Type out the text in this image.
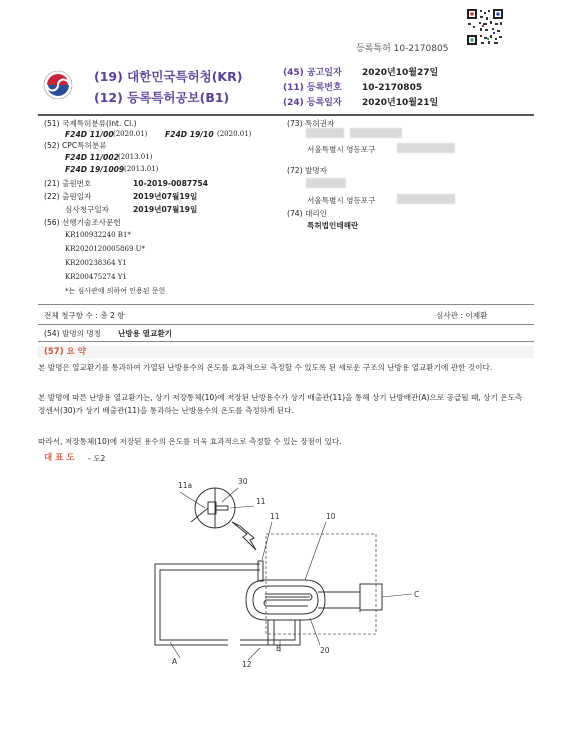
등록특허 10-2170805
(19) 대한민국특허청(KR)
(12) 등록특허공보(B1)
(45) 공고일자 2020년10월27일
(11) 등록번호 10-2170805
(24) 등록일자 2020년10월21일
(51) 국제특허분류(Int. Cl.)
F24D 11/00 (2020.01) F24D 19/10 (2020.01)
(52) CPC특허분류
F24D 11/002 (2013.01)
F24D 19/1009 (2013.01)
(21) 출원번호	10-2019-0087754
(22) 출원일자	2019년07월19일
심사청구일자	2019년07월19일
(56) 선행기술조사문헌
KR100932240 B1*
KR2020120005869 U*
KR200238364 Y1
KR200475274 Y1
*는 심사관에 의하여 인용된 문헌
(73) 특허권자
서울특별시 영등포구
(72) 발명자
서울특별시 영등포구
(74) 대리인
특허법인태해란
전체 청구항 수 : 총 2 항	심사관 : 이제환
(54) 발명의 명칭 난방용 열교환기
(57) 요 약
본 발명은 열교환기를 통과하여 가열된 난방용수의 온도를 효과적으로 측정할 수 있도록 된 새로운 구조의 난방용 열교환기에 관한 것이다.
본 발명에 따른 난방용 열교환기는, 상기 저장통체(10)에 저장된 난방용수가 상기 배출관(11)을 통해 상기 난방배관(A)으로 공급될 때, 상기 온도측정센서(30)가 상기 배출관(11)을 통과하는 난방용수의 온도를 측정하게 된다.
따라서, 저장통체(10)에 저장된 용수의 온도를 더욱 효과적으로 측정할 수 있는 장점이 있다.
대 표 도 - 도2
11a	30
11
11	10
C
A	12
B	20
